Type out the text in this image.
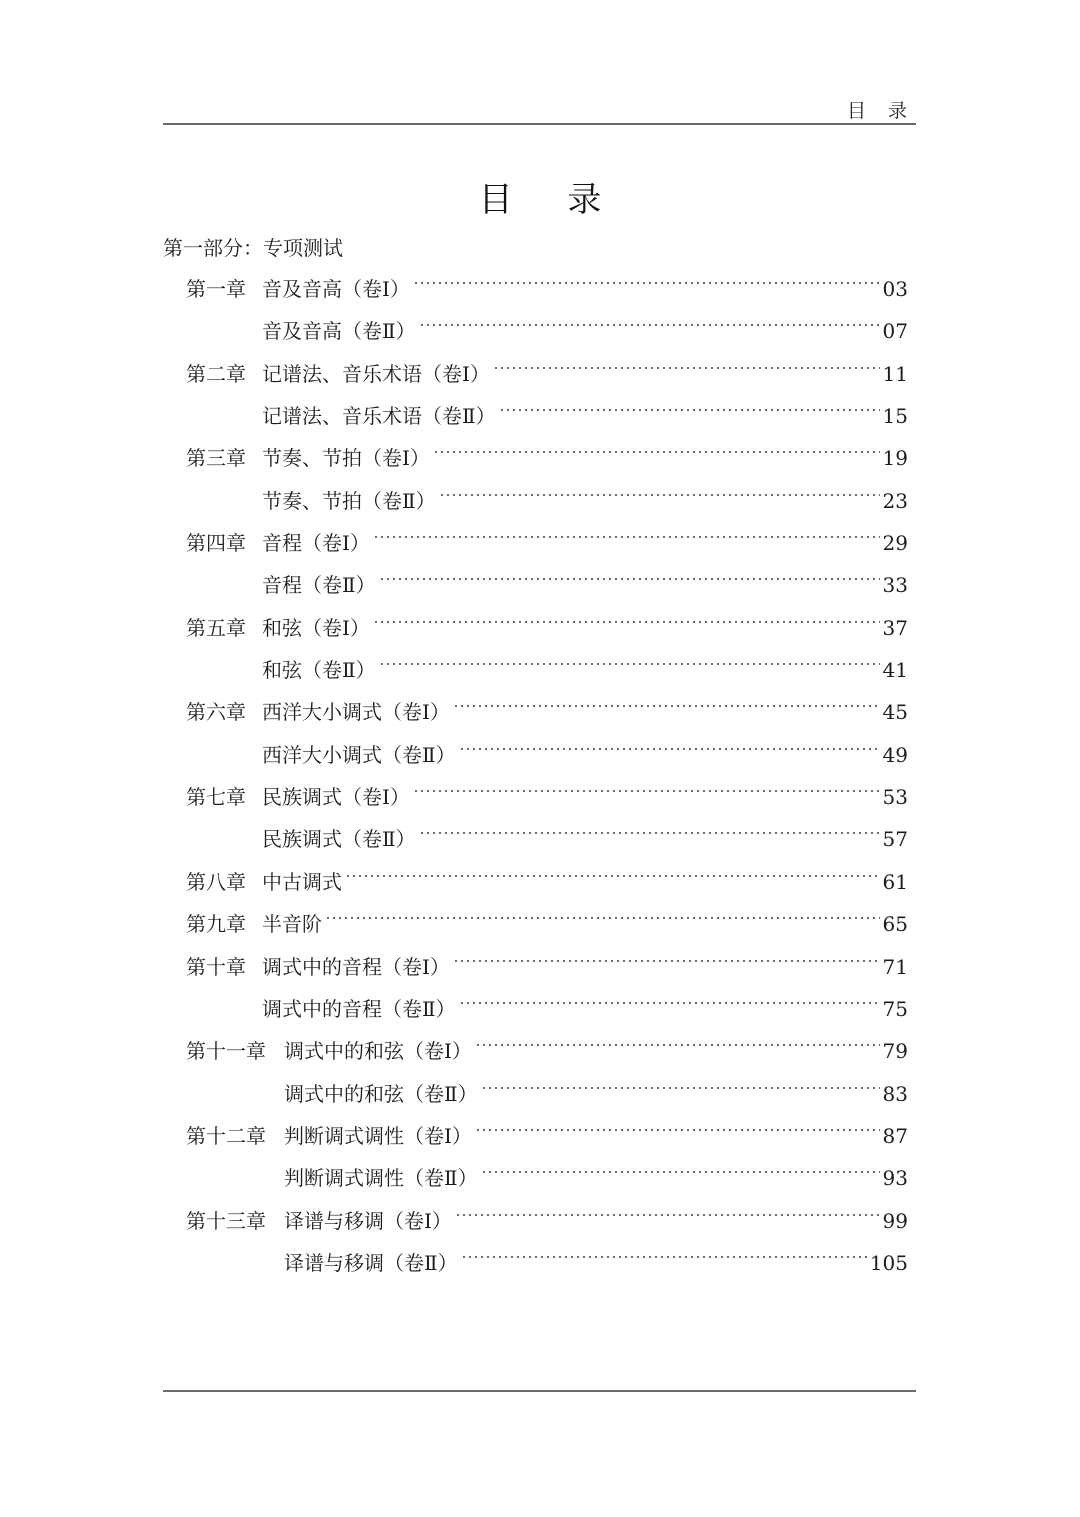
目 录
目 录
第一部分：专项测试
第一章 音及音高（卷Ⅰ）	03
音及音高（卷Ⅱ）	07
第二章 记谱法、音乐术语（卷Ⅰ）	11
记谱法、音乐术语（卷Ⅱ）	15
第三章 节奏、节拍（卷Ⅰ）	19
节奏、节拍（卷Ⅱ）	23
第四章 音程（卷Ⅰ）	29
音程（卷Ⅱ）	33
第五章 和弦（卷Ⅰ）	37
和弦（卷Ⅱ）	41
第六章 西洋大小调式（卷Ⅰ）	45
西洋大小调式（卷Ⅱ）	49
第七章 民族调式（卷Ⅰ）	53
民族调式（卷Ⅱ）	57
第八章 中古调式	61
第九章 半音阶	65
第十章 调式中的音程（卷Ⅰ）	71
调式中的音程（卷Ⅱ）	75
第十一章 调式中的和弦（卷Ⅰ）	79
调式中的和弦（卷Ⅱ）	83
第十二章 判断调式调性（卷Ⅰ）	87
判断调式调性（卷Ⅱ）	93
第十三章 译谱与移调（卷Ⅰ）	99
译谱与移调（卷Ⅱ）	105
